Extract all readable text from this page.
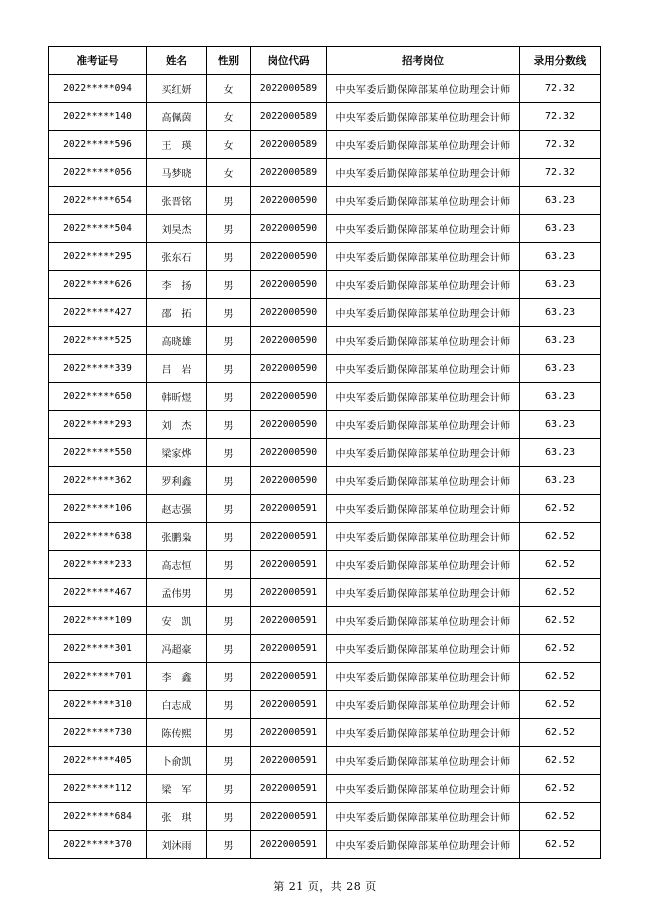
准考证号	姓名	性别	岗位代码	招考岗位	录用分数线
2022*****094	买红妍	女	2022000589	中央军委后勤保障部某单位助理会计师	72.32
2022*****140	高佩茵	女	2022000589	中央军委后勤保障部某单位助理会计师	72.32
2022*****596	王　瑛	女	2022000589	中央军委后勤保障部某单位助理会计师	72.32
2022*****056	马梦晓	女	2022000589	中央军委后勤保障部某单位助理会计师	72.32
2022*****654	张晋铭	男	2022000590	中央军委后勤保障部某单位助理会计师	63.23
2022*****504	刘昊杰	男	2022000590	中央军委后勤保障部某单位助理会计师	63.23
2022*****295	张东石	男	2022000590	中央军委后勤保障部某单位助理会计师	63.23
2022*****626	李　扬	男	2022000590	中央军委后勤保障部某单位助理会计师	63.23
2022*****427	邵　拓	男	2022000590	中央军委后勤保障部某单位助理会计师	63.23
2022*****525	高晓雄	男	2022000590	中央军委后勤保障部某单位助理会计师	63.23
2022*****339	吕　岩	男	2022000590	中央军委后勤保障部某单位助理会计师	63.23
2022*****650	韩昕煜	男	2022000590	中央军委后勤保障部某单位助理会计师	63.23
2022*****293	刘　杰	男	2022000590	中央军委后勤保障部某单位助理会计师	63.23
2022*****550	梁家烨	男	2022000590	中央军委后勤保障部某单位助理会计师	63.23
2022*****362	罗利鑫	男	2022000590	中央军委后勤保障部某单位助理会计师	63.23
2022*****106	赵志强	男	2022000591	中央军委后勤保障部某单位助理会计师	62.52
2022*****638	张鹏枭	男	2022000591	中央军委后勤保障部某单位助理会计师	62.52
2022*****233	高志恒	男	2022000591	中央军委后勤保障部某单位助理会计师	62.52
2022*****467	孟伟男	男	2022000591	中央军委后勤保障部某单位助理会计师	62.52
2022*****109	安　凯	男	2022000591	中央军委后勤保障部某单位助理会计师	62.52
2022*****301	冯超豪	男	2022000591	中央军委后勤保障部某单位助理会计师	62.52
2022*****701	李　鑫	男	2022000591	中央军委后勤保障部某单位助理会计师	62.52
2022*****310	白志成	男	2022000591	中央军委后勤保障部某单位助理会计师	62.52
2022*****730	陈传熙	男	2022000591	中央军委后勤保障部某单位助理会计师	62.52
2022*****405	卜俞凯	男	2022000591	中央军委后勤保障部某单位助理会计师	62.52
2022*****112	梁　军	男	2022000591	中央军委后勤保障部某单位助理会计师	62.52
2022*****684	张　琪	男	2022000591	中央军委后勤保障部某单位助理会计师	62.52
2022*****370	刘沐雨	男	2022000591	中央军委后勤保障部某单位助理会计师	62.52
第 21 页，共 28 页
